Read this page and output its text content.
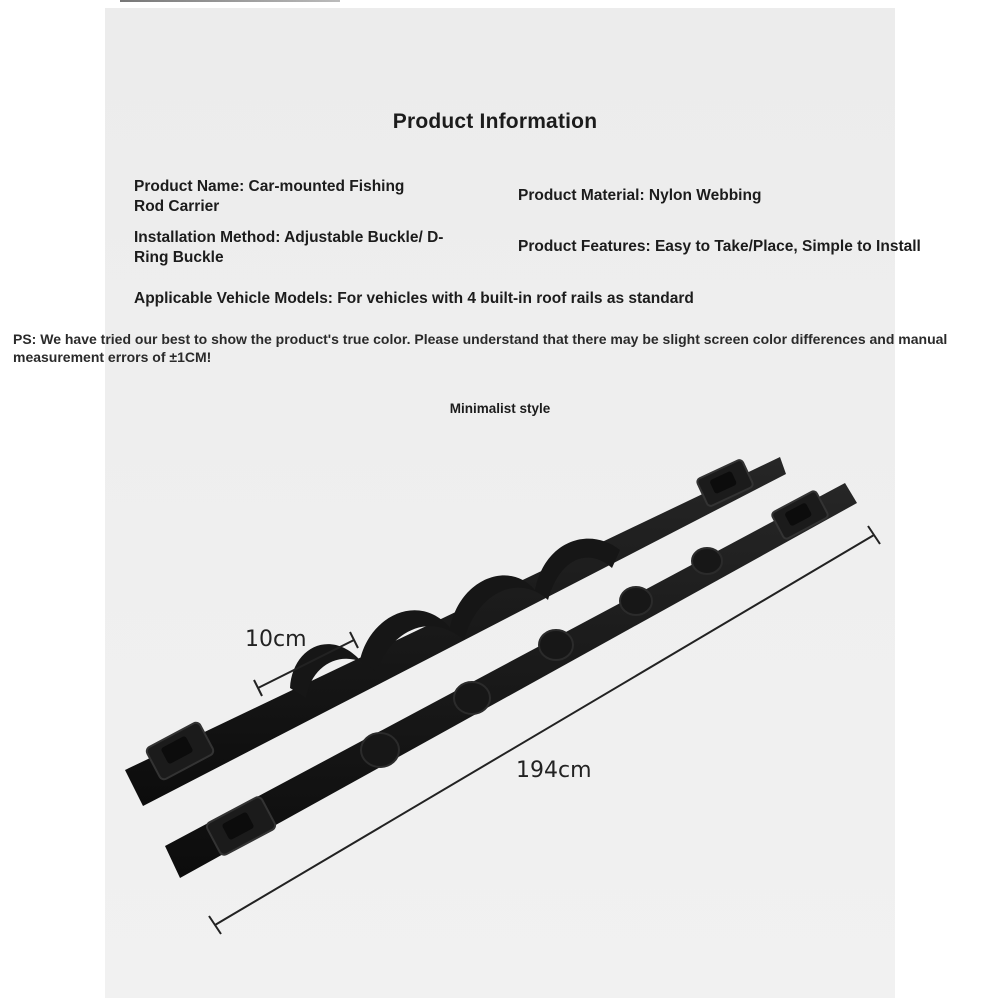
Product Information
Product Name: Car-mounted Fishing Rod Carrier
Product Material: Nylon Webbing
Installation Method: Adjustable Buckle/ D-Ring Buckle
Product Features: Easy to Take/Place, Simple to Install
Applicable Vehicle Models: For vehicles with 4 built-in roof rails as standard
PS: We have tried our best to show the product's true color. Please understand that there may be slight screen color differences and manual measurement errors of ±1CM!
Minimalist style
10cm
194cm
